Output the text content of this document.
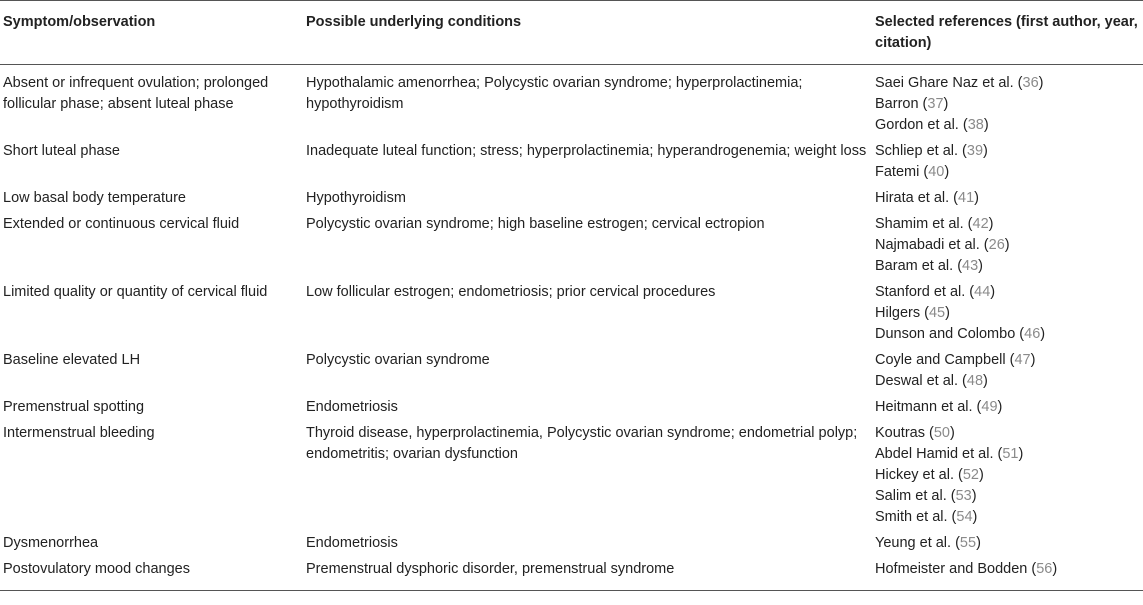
Symptom/observation	Possible underlying conditions	Selected references (first author, year, citation)
Absent or infrequent ovulation; prolonged follicular phase; absent luteal phase	Hypothalamic amenorrhea; Polycystic ovarian syndrome; hyperprolactinemia; hypothyroidism	Saei Ghare Naz et al. (36)
Barron (37)
Gordon et al. (38)

Short luteal phase	Inadequate luteal function; stress; hyperprolactinemia; hyperandrogenemia; weight loss	Schliep et al. (39)
Fatemi (40)

Low basal body temperature	Hypothyroidism	Hirata et al. (41)

Extended or continuous cervical fluid	Polycystic ovarian syndrome; high baseline estrogen; cervical ectropion	Shamim et al. (42)
Najmabadi et al. (26)
Baram et al. (43)

Limited quality or quantity of cervical fluid	Low follicular estrogen; endometriosis; prior cervical procedures	Stanford et al. (44)
Hilgers (45)
Dunson and Colombo (46)

Baseline elevated LH	Polycystic ovarian syndrome	Coyle and Campbell (47)
Deswal et al. (48)

Premenstrual spotting	Endometriosis	Heitmann et al. (49)

Intermenstrual bleeding	Thyroid disease, hyperprolactinemia, Polycystic ovarian syndrome; endometrial polyp; endometritis; ovarian dysfunction	Koutras (50)
Abdel Hamid et al. (51)
Hickey et al. (52)
Salim et al. (53)
Smith et al. (54)

Dysmenorrhea	Endometriosis	Yeung et al. (55)

Postovulatory mood changes	Premenstrual dysphoric disorder, premenstrual syndrome	Hofmeister and Bodden (56)
